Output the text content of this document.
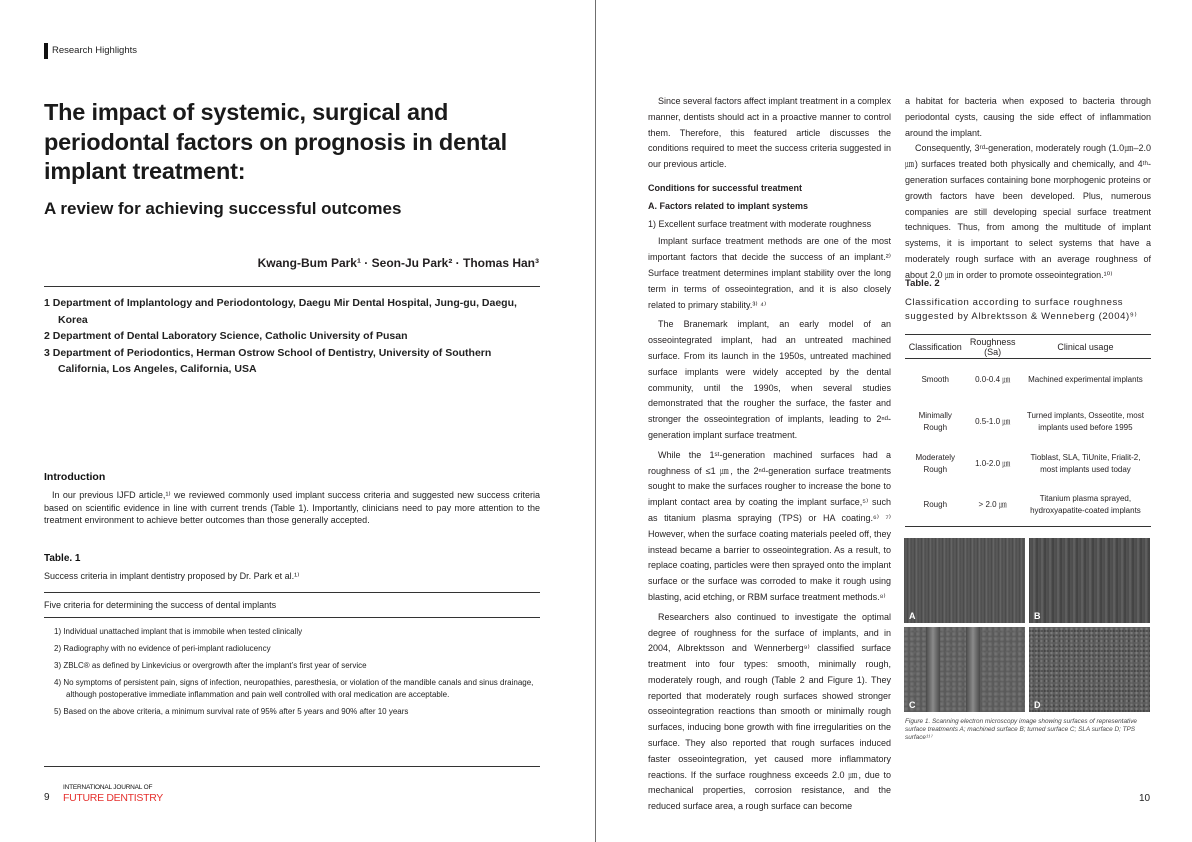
Research Highlights
The impact of systemic, surgical and periodontal factors on prognosis in dental implant treatment:
A review for achieving successful outcomes
Kwang-Bum Park¹ · Seon-Ju Park² · Thomas Han³
1 Department of Implantology and Periodontology, Daegu Mir Dental Hospital, Jung-gu, Daegu, Korea
2 Department of Dental Laboratory Science, Catholic University of Pusan
3 Department of Periodontics, Herman Ostrow School of Dentistry, University of Southern California, Los Angeles, California, USA
Introduction
In our previous IJFD article,¹⁾ we reviewed commonly used implant success criteria and suggested new success criteria based on scientific evidence in line with current trends (Table 1). Importantly, clinicians need to pay more attention to the treatment environment to achieve better outcomes than those generally accepted.
Table. 1
Success criteria in implant dentistry proposed by Dr. Park et al.¹⁾
Five criteria for determining the success of dental implants
1) Individual unattached implant that is immobile when tested clinically
2) Radiography with no evidence of peri-implant radiolucency
3) ZBLC® as defined by Linkevicius or overgrowth after the implant’s first year of service
4) No symptoms of persistent pain, signs of infection, neuropathies, paresthesia, or violation of the mandible canals and sinus drainage, although postoperative immediate inflammation and pain well controlled with oral medication are acceptable.
5) Based on the above criteria, a minimum survival rate of 95% after 5 years and 90% after 10 years
9
INTERNATIONAL JOURNAL OF
FUTURE DENTISTRY

Since several factors affect implant treatment in a complex manner, dentists should act in a proactive manner to control them. Therefore, this featured article discusses the conditions required to meet the success criteria suggested in our previous article.

Conditions for successful treatment

A. Factors related to implant systems

1) Excellent surface treatment with moderate roughness

Implant surface treatment methods are one of the most important factors that decide the success of an implant.²⁾ Surface treatment determines implant stability over the long term in terms of osseointegration, and it is also closely related to primary stability.³⁾ ⁴⁾

The Branemark implant, an early model of an osseointegrated implant, had an untreated machined surface. From its launch in the 1950s, untreated machined surface implants were widely accepted by the dental community, until the 1990s, when several studies demonstrated that the rougher the surface, the faster and stronger the osseointegration of implants, leading to 2ⁿᵈ-generation implant surface treatment.

While the 1ˢᵗ-generation machined surfaces had a roughness of ≤1 ㎛, the 2ⁿᵈ-generation surface treatments sought to make the surfaces rougher to increase the bone to implant contact area by coating the implant surface,⁵⁾ such as titanium plasma spraying (TPS) or HA coating.⁶⁾ ⁷⁾ However, when the surface coating materials peeled off, they instead became a barrier to osseointegration. As a result, to replace coating, particles were then sprayed onto the implant surface or the surface was corroded to make it rough using blasting, acid etching, or RBM surface treatment methods.⁸⁾

Researchers also continued to investigate the optimal degree of roughness for the surface of implants, and in 2004, Albrektsson and Wennerberg⁹⁾ classified surface treatment into four types: smooth, minimally rough, moderately rough, and rough (Table 2 and Figure 1). They reported that moderately rough surfaces showed stronger osseointegration reactions than smooth or minimally rough surfaces, inducing bone growth with fine irregularities on the surface. They also reported that rough surfaces induced faster osseointegration, yet caused more inflammatory reactions. If the surface roughness exceeds 2.0 ㎛, due to mechanical properties, corrosion resistance, and the reduced surface area, a rough surface can become

a habitat for bacteria when exposed to bacteria through periodontal cysts, causing the side effect of inflammation around the implant.

Consequently, 3ʳᵈ-generation, moderately rough (1.0㎛–2.0 ㎛) surfaces treated both physically and chemically, and 4ᵗʰ-generation surfaces containing bone morphogenic proteins or growth factors have been developed. Plus, numerous companies are still developing special surface treatment techniques. Thus, from among the multitude of implant systems, it is important to select systems that have a moderately rough surface with an average roughness of about 2.0 ㎛ in order to promote osseointegration.¹⁰⁾

Table. 2
Classification according to surface roughness suggested by Albrektsson & Wenneberg (2004)⁹⁾
Classification	Roughness (Sa)	Clinical usage
Smooth	0.0-0.4 ㎛	Machined experimental implants
Minimally Rough	0.5-1.0 ㎛	Turned implants, Osseotite, most implants used before 1995
Moderately Rough	1.0-2.0 ㎛	Tioblast, SLA, TiUnite, Frialit-2, most implants used today
Rough	> 2.0 ㎛	Titanium plasma sprayed, hydroxyapatite-coated implants
A	B
C	D
Figure 1. Scanning electron microscopy image showing surfaces of representative surface treatments A; machined surface B; turned surface C; SLA surface D; TPS surface¹¹⁾
10
